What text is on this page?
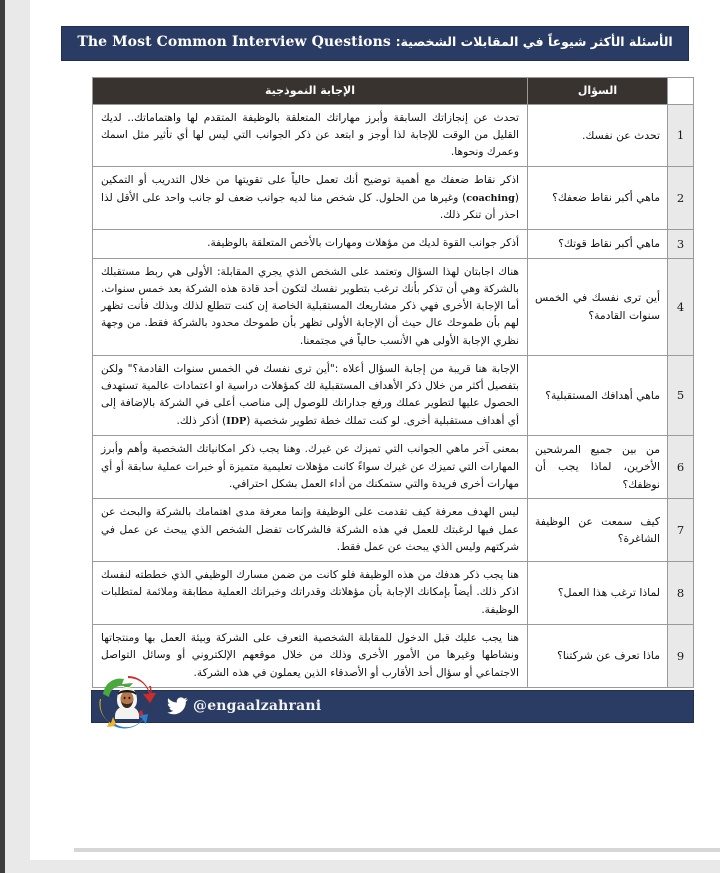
الأسئلة الأكثر شيوعاً في المقابلات الشخصية: The Most Common Interview Questions
	السؤال	الإجابة النموذجية
1	تحدث عن نفسك.	تحدث عن إنجازاتك السابقة وأبرز مهاراتك المتعلقة بالوظيفة المتقدم لها واهتماماتك.. لديك القليل من الوقت للإجابة لذا أوجز و ابتعد عن ذكر الجوانب التي ليس لها أي تأثير مثل اسمك وعمرك ونحوها.
2	ماهي أكبر نقاط ضعفك؟	اذكر نقاط ضعفك مع أهمية توضيح أنك تعمل حالياً على تقويتها من خلال التدريب أو التمكين (coaching) وغيرها من الحلول. كل شخص منا لديه جوانب ضعف لو جانب واحد على الأقل لذا احذر أن تنكر ذلك.
3	ماهي أكبر نقاط قوتك؟	أذكر جوانب القوة لديك من مؤهلات ومهارات بالأخص المتعلقة بالوظيفة.
4	أين ترى نفسك في الخمس سنوات القادمة؟	هناك اجابتان لهذا السؤال وتعتمد على الشخص الذي يجري المقابلة: الأولى هي ربط مستقبلك بالشركة وهي أن تذكر بأنك ترغب بتطوير نفسك لتكون أحد قادة هذه الشركة بعد خمس سنوات. أما الإجابة الأخرى فهي ذكر مشاريعك المستقبلية الخاصة إن كنت تتطلع لذلك وبذلك فأنت تظهر لهم بأن طموحك عال حيث أن الإجابة الأولى تظهر بأن طموحك محدود بالشركة فقط. من وجهة نظري الإجابة الأولى هي الأنسب حالياً في مجتمعنا.
5	ماهي أهدافك المستقبلية؟	الإجابة هنا قريبة من إجابة السؤال أعلاه :"أين ترى نفسك في الخمس سنوات القادمة؟" ولكن بتفصيل أكثر من خلال ذكر الأهداف المستقبلية لك كمؤهلات دراسية او اعتمادات عالمية تستهدف الحصول عليها لتطوير عملك ورفع جداراتك للوصول إلى مناصب أعلى في الشركة بالإضافة إلى أي أهداف مستقبلية أخرى. لو كنت تملك خطة تطوير شخصية (IDP) أذكر ذلك.
6	من بين جميع المرشحين الأخرين، لماذا يجب أن نوظفك؟	بمعنى آخر ماهي الجوانب التي تميزك عن غيرك. وهنا يجب ذكر امكانياتك الشخصية وأهم وأبرز المهارات التي تميزك عن غيرك سواءً كانت مؤهلات تعليمية متميزة أو خبرات عملية سابقة أو أي مهارات أخرى فريدة والتي ستمكنك من أداء العمل بشكل احترافي.
7	كيف سمعت عن الوظيفة الشاغرة؟	ليس الهدف معرفة كيف تقدمت على الوظيفة وإنما معرفة مدى اهتمامك بالشركة والبحث عن عمل فيها لرغبتك للعمل في هذه الشركة فالشركات تفضل الشخص الذي يبحث عن عمل في شركتهم وليس الذي يبحث عن عمل فقط.
8	لماذا ترغب هذا العمل؟	هنا يجب ذكر هدفك من هذه الوظيفة فلو كانت من ضمن مسارك الوظيفي الذي خططته لنفسك اذكر ذلك. أيضاً بإمكانك الإجابة بأن مؤهلاتك وقدراتك وخبراتك العملية مطابقة وملائمة لمتطلبات الوظيفة.
9	ماذا تعرف عن شركتنا؟	هنا يجب عليك قبل الدخول للمقابلة الشخصية التعرف على الشركة وبيئة العمل بها ومنتجاتها ونشاطها وغيرها من الأمور الأخرى وذلك من خلال موقعهم الإلكتروني أو وسائل التواصل الاجتماعي أو سؤال أحد الأقارب أو الأصدقاء الذين يعملون في هذه الشركة.
@engaalzahrani
